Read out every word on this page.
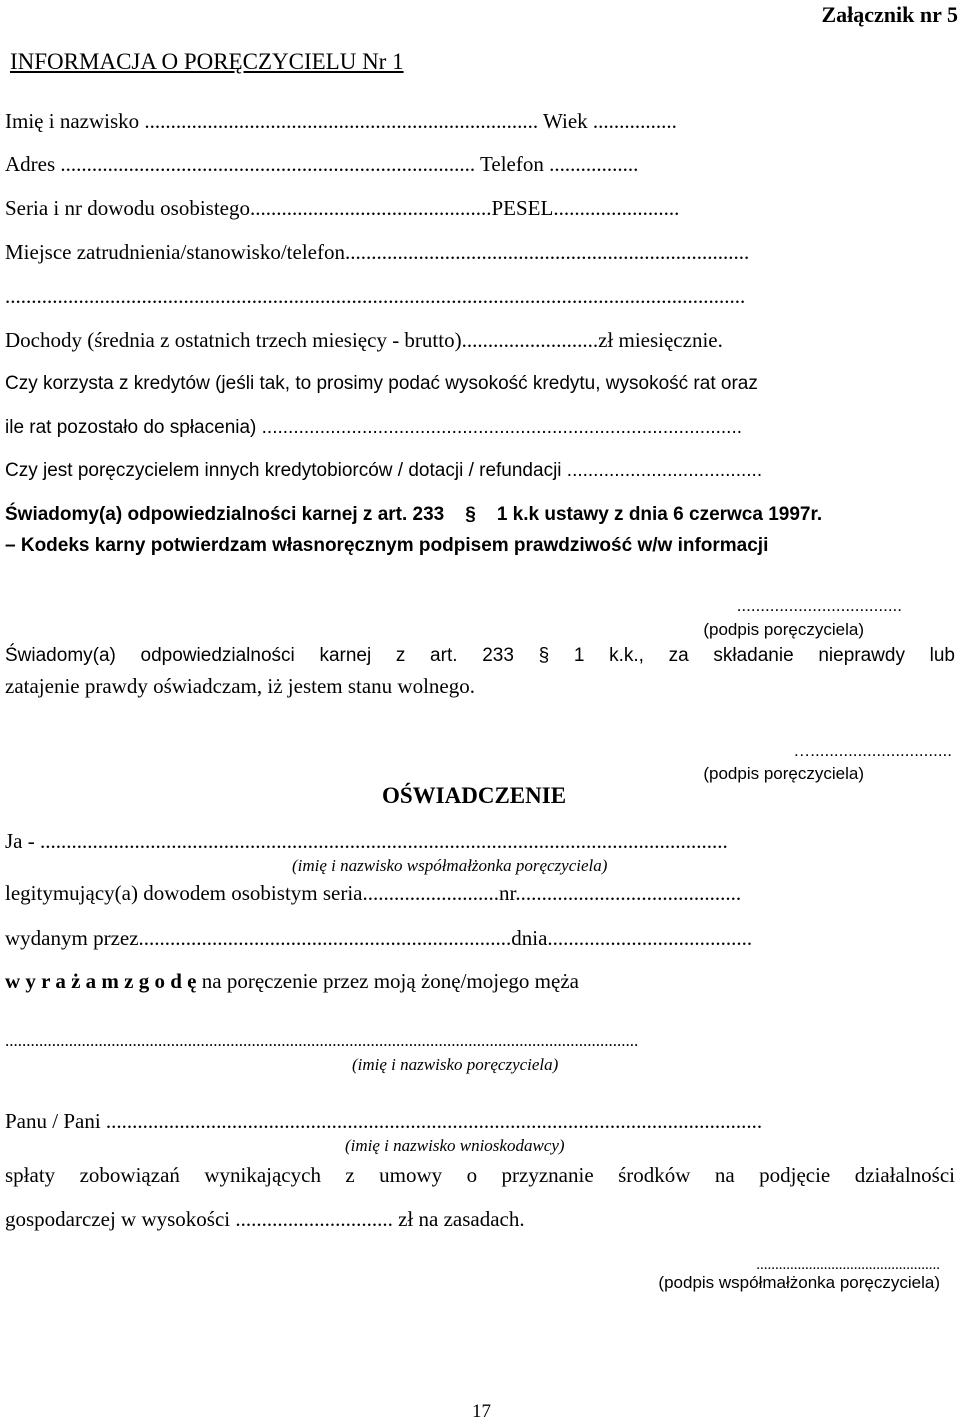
Załącznik nr 5
INFORMACJA O PORĘCZYCIELU Nr 1
Imię i nazwisko ........................................................................... Wiek ................
Adres ............................................................................... Telefon .................
Seria i nr dowodu osobistego..............................................PESEL........................
Miejsce zatrudnienia/stanowisko/telefon.............................................................................
.............................................................................................................................................
Dochody (średnia z ostatnich trzech miesięcy - brutto)..........................zł miesięcznie.
Czy korzysta z kredytów (jeśli tak, to prosimy podać wysokość kredytu, wysokość rat oraz
ile rat pozostało do spłacenia) ...........................................................................................
Czy jest poręczycielem innych kredytobiorców / dotacji / refundacji .....................................
Świadomy(a) odpowiedzialności karnej z art. 233 § 1 k.k ustawy z dnia 6 czerwca 1997r.
– Kodeks karny potwierdzam własnoręcznym podpisem prawdziwość w/w informacji
...................................
(podpis poręczyciela)
Świadomy(a) odpowiedzialności karnej z art. 233 § 1 k.k., za składanie nieprawdy lub
zatajenie prawdy oświadczam, iż jestem stanu wolnego.
…..............................
(podpis poręczyciela)
OŚWIADCZENIE
Ja - ...................................................................................................................................
(imię i nazwisko współmałżonka poręczyciela)
legitymujący(a) dowodem osobistym seria..........................nr...........................................
wydanym przez.......................................................................dnia.......................................
w y r a ż a m z g o d ę na poręczenie przez moją żonę/mojego męża
.....................................................................................................................................................
(imię i nazwisko poręczyciela)
Panu / Pani .............................................................................................................................
(imię i nazwisko wnioskodawcy)
spłaty zobowiązań wynikających z umowy o przyznanie środków na podjęcie działalności
gospodarczej w wysokości .............................. zł na zasadach.
.................................................
(podpis współmałżonka poręczyciela)
17
